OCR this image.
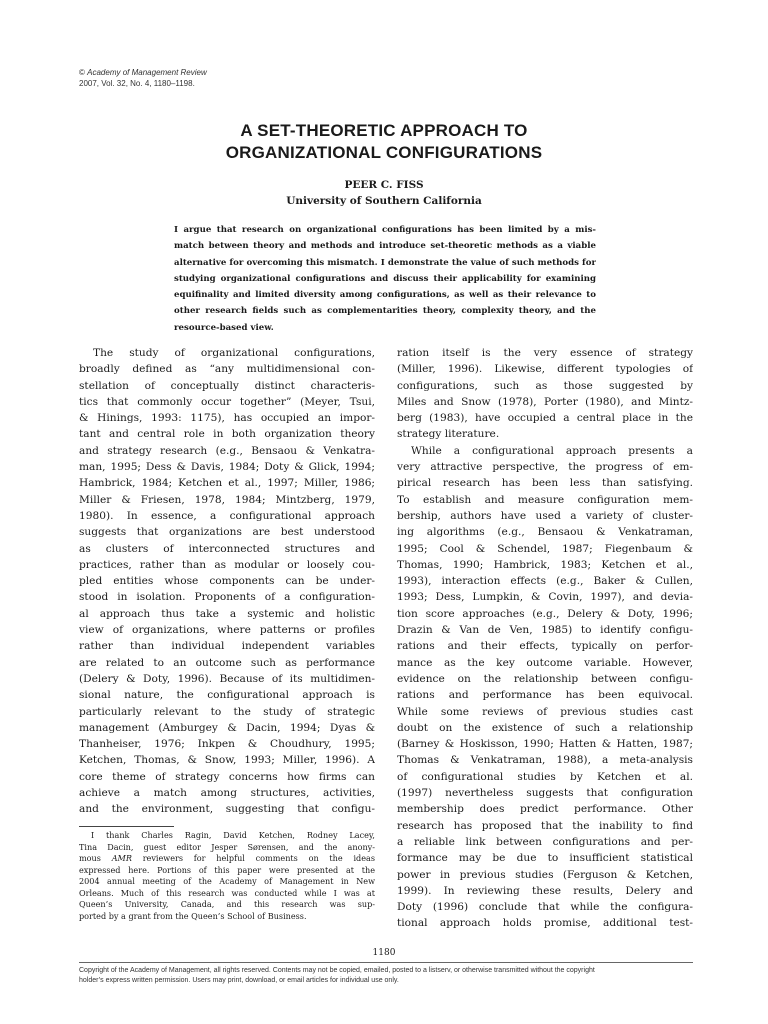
© Academy of Management Review
2007, Vol. 32, No. 4, 1180–1198.
A SET-THEORETIC APPROACH TO
ORGANIZATIONAL CONFIGURATIONS
PEER C. FISS
University of Southern California
I argue that research on organizational configurations has been limited by a mis-
match between theory and methods and introduce set-theoretic methods as a viable
alternative for overcoming this mismatch. I demonstrate the value of such methods for
studying organizational configurations and discuss their applicability for examining
equifinality and limited diversity among configurations, as well as their relevance to
other research fields such as complementarities theory, complexity theory, and the
resource-based view.
The study of organizational configurations,
broadly defined as “any multidimensional con-
stellation of conceptually distinct characteris-
tics that commonly occur together” (Meyer, Tsui,
& Hinings, 1993: 1175), has occupied an impor-
tant and central role in both organization theory
and strategy research (e.g., Bensaou & Venkatra-
man, 1995; Dess & Davis, 1984; Doty & Glick, 1994;
Hambrick, 1984; Ketchen et al., 1997; Miller, 1986;
Miller & Friesen, 1978, 1984; Mintzberg, 1979,
1980). In essence, a configurational approach
suggests that organizations are best understood
as clusters of interconnected structures and
practices, rather than as modular or loosely cou-
pled entities whose components can be under-
stood in isolation. Proponents of a configuration-
al approach thus take a systemic and holistic
view of organizations, where patterns or profiles
rather than individual independent variables
are related to an outcome such as performance
(Delery & Doty, 1996). Because of its multidimen-
sional nature, the configurational approach is
particularly relevant to the study of strategic
management (Amburgey & Dacin, 1994; Dyas &
Thanheiser, 1976; Inkpen & Choudhury, 1995;
Ketchen, Thomas, & Snow, 1993; Miller, 1996). A
core theme of strategy concerns how firms can
achieve a match among structures, activities,
and the environment, suggesting that configu-
ration itself is the very essence of strategy
(Miller, 1996). Likewise, different typologies of
configurations, such as those suggested by
Miles and Snow (1978), Porter (1980), and Mintz-
berg (1983), have occupied a central place in the
strategy literature.
While a configurational approach presents a
very attractive perspective, the progress of em-
pirical research has been less than satisfying.
To establish and measure configuration mem-
bership, authors have used a variety of cluster-
ing algorithms (e.g., Bensaou & Venkatraman,
1995; Cool & Schendel, 1987; Fiegenbaum &
Thomas, 1990; Hambrick, 1983; Ketchen et al.,
1993), interaction effects (e.g., Baker & Cullen,
1993; Dess, Lumpkin, & Covin, 1997), and devia-
tion score approaches (e.g., Delery & Doty, 1996;
Drazin & Van de Ven, 1985) to identify configu-
rations and their effects, typically on perfor-
mance as the key outcome variable. However,
evidence on the relationship between configu-
rations and performance has been equivocal.
While some reviews of previous studies cast
doubt on the existence of such a relationship
(Barney & Hoskisson, 1990; Hatten & Hatten, 1987;
Thomas & Venkatraman, 1988), a meta-analysis
of configurational studies by Ketchen et al.
(1997) nevertheless suggests that configuration
membership does predict performance. Other
research has proposed that the inability to find
a reliable link between configurations and per-
formance may be due to insufficient statistical
power in previous studies (Ferguson & Ketchen,
1999). In reviewing these results, Delery and
Doty (1996) conclude that while the configura-
tional approach holds promise, additional test-
I thank Charles Ragin, David Ketchen, Rodney Lacey,
Tina Dacin, guest editor Jesper Sørensen, and the anony-
mous AMR reviewers for helpful comments on the ideas
expressed here. Portions of this paper were presented at the
2004 annual meeting of the Academy of Management in New
Orleans. Much of this research was conducted while I was at
Queen’s University, Canada, and this research was sup-
ported by a grant from the Queen’s School of Business.
1180
Copyright of the Academy of Management, all rights reserved. Contents may not be copied, emailed, posted to a listserv, or otherwise transmitted without the copyright
holder’s express written permission. Users may print, download, or email articles for individual use only.
